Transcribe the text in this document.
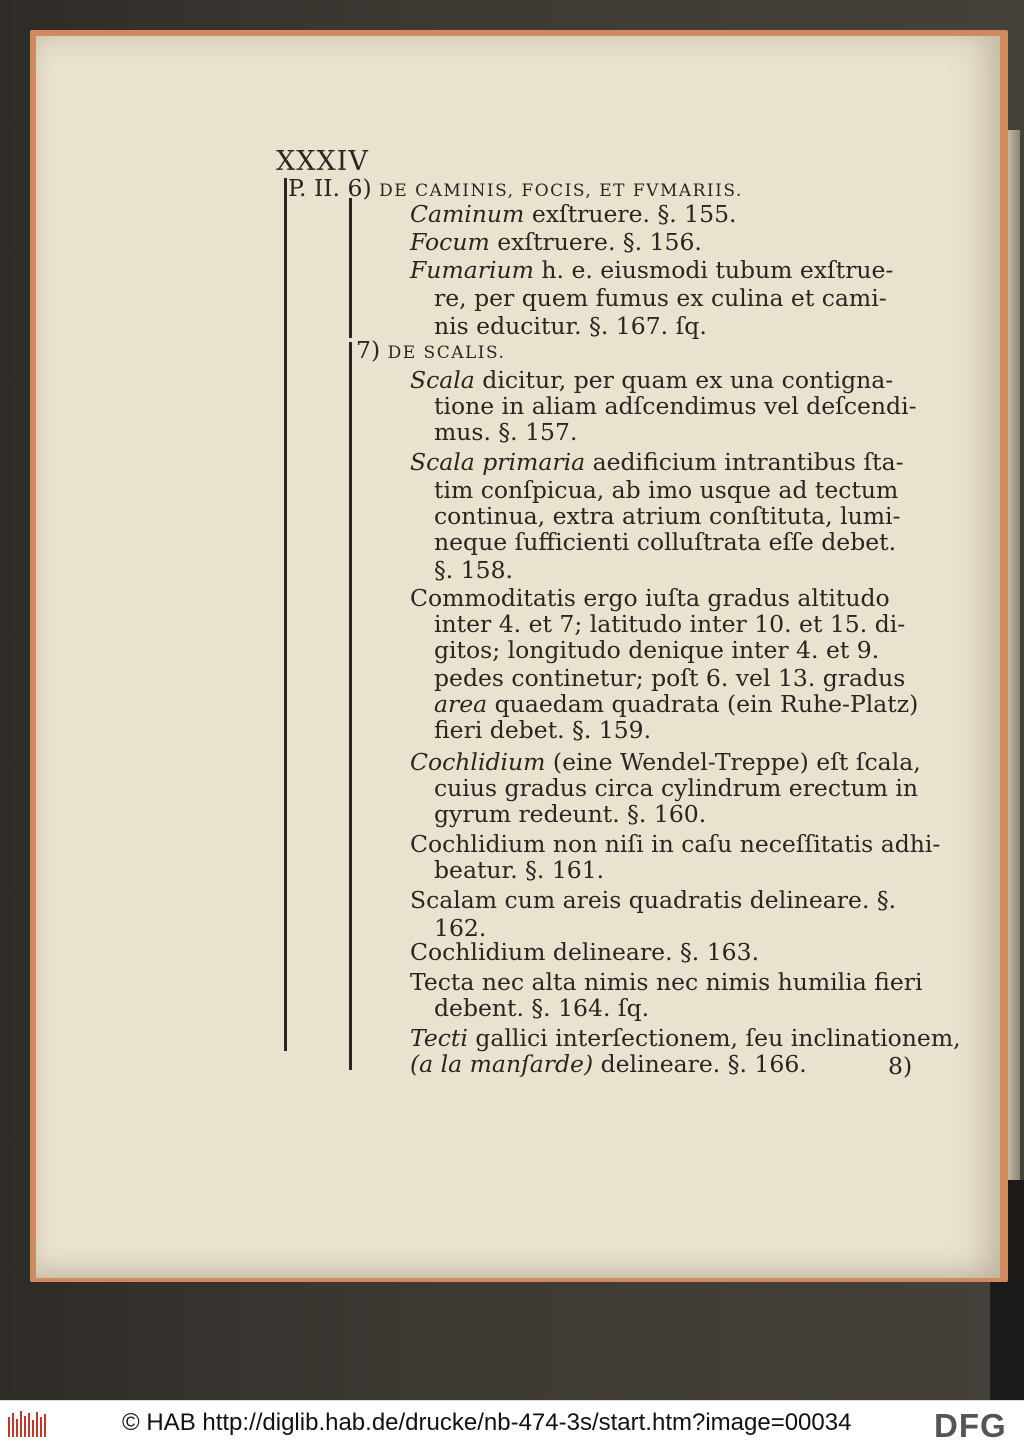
XXXIV
P. II. 6) DE CAMINIS, FOCIS, ET FVMARIIS.
Caminum exſtruere. §. 155.
Focum exſtruere. §. 156.
Fumarium h. e. eiusmodi tubum exſtrue-
re, per quem fumus ex culina et cami-
nis educitur. §. 167. ſq.
7) DE SCALIS.
Scala dicitur, per quam ex una contigna-
tione in aliam adſcendimus vel deſcendi-
mus. §. 157.
Scala primaria aedificium intrantibus ſta-
tim conſpicua, ab imo usque ad tectum
continua, extra atrium conſtituta, lumi-
neque ſufficienti colluſtrata eſſe debet.
§. 158.
Commoditatis ergo iuſta gradus altitudo
inter 4. et 7; latitudo inter 10. et 15. di-
gitos; longitudo denique inter 4. et 9.
pedes continetur; poſt 6. vel 13. gradus
area quaedam quadrata (ein Ruhe-Platz)
fieri debet. §. 159.
Cochlidium (eine Wendel-Treppe) eſt ſcala,
cuius gradus circa cylindrum erectum in
gyrum redeunt. §. 160.
Cochlidium non niſi in caſu neceſſitatis adhi-
beatur. §. 161.
Scalam cum areis quadratis delineare. §.
162.
Cochlidium delineare. §. 163.
Tecta nec alta nimis nec nimis humilia fieri
debent. §. 164. ſq.
Tecti gallici interſectionem, ſeu inclinationem,
(a la manſarde) delineare. §. 166.	8)
© HAB http://diglib.hab.de/drucke/nb-474-3s/start.htm?image=00034	DFG
